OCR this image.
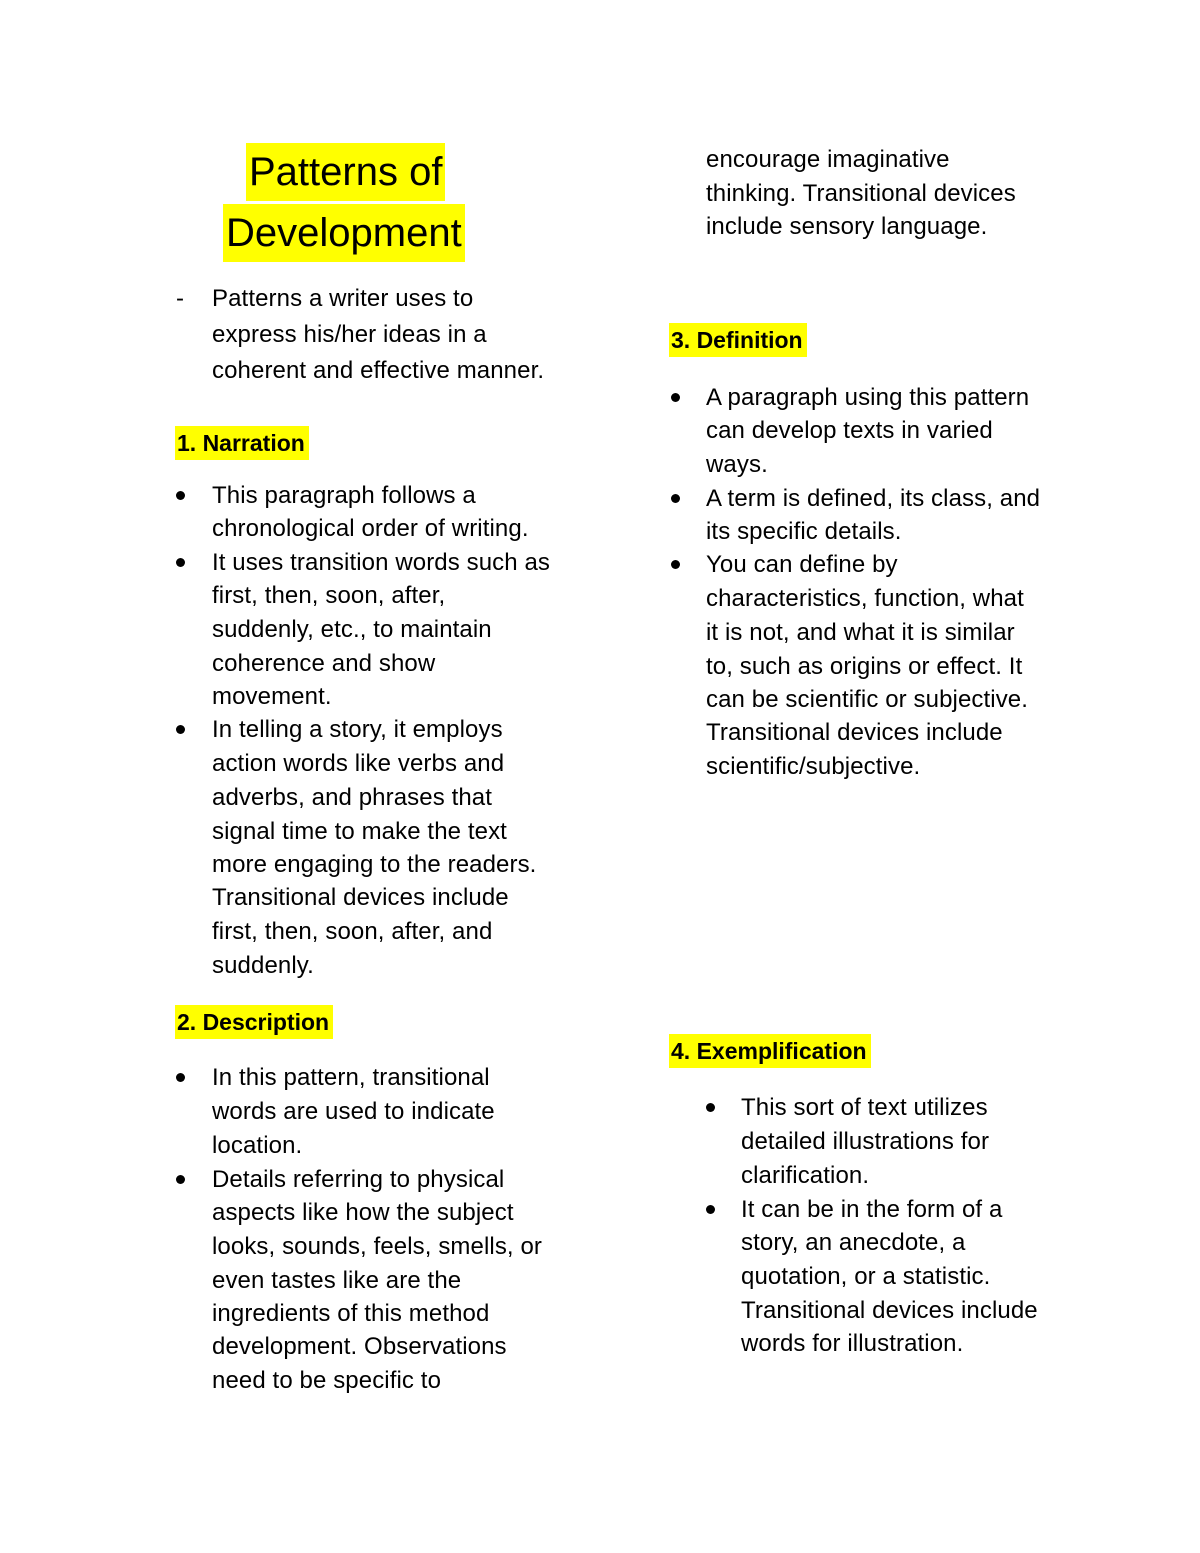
Patterns of
Development
- Patterns a writer uses to
express his/her ideas in a
coherent and effective manner.
1. Narration
This paragraph follows a
chronological order of writing.
It uses transition words such as
first, then, soon, after,
suddenly, etc., to maintain
coherence and show
movement.
In telling a story, it employs
action words like verbs and
adverbs, and phrases that
signal time to make the text
more engaging to the readers.
Transitional devices include
first, then, soon, after, and
suddenly.
2. Description
In this pattern, transitional
words are used to indicate
location.
Details referring to physical
aspects like how the subject
looks, sounds, feels, smells, or
even tastes like are the
ingredients of this method
development. Observations
need to be specific to
encourage imaginative
thinking. Transitional devices
include sensory language.
3. Definition
A paragraph using this pattern
can develop texts in varied
ways.
A term is defined, its class, and
its specific details.
You can define by
characteristics, function, what
it is not, and what it is similar
to, such as origins or effect. It
can be scientific or subjective.
Transitional devices include
scientific/subjective.
4. Exemplification
This sort of text utilizes
detailed illustrations for
clarification.
It can be in the form of a
story, an anecdote, a
quotation, or a statistic.
Transitional devices include
words for illustration.
